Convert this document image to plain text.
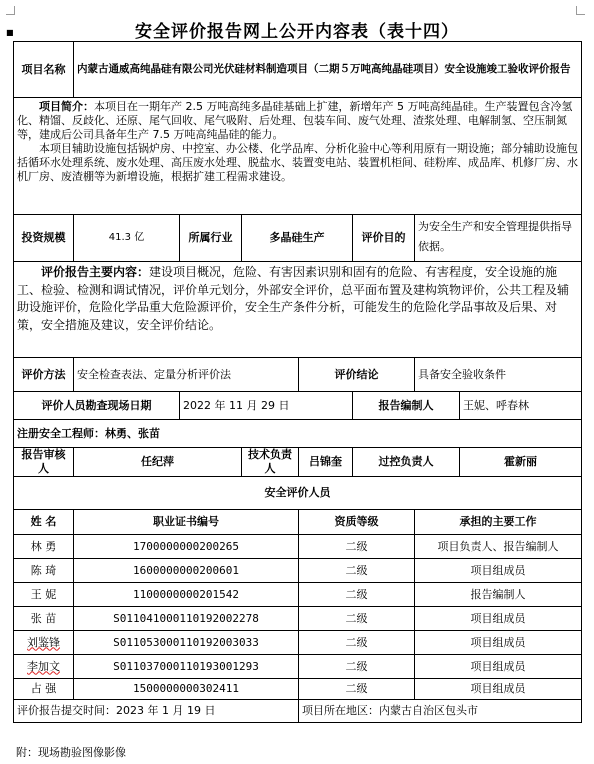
安全评价报告网上公开内容表（表十四）
■
项目名称	内蒙古通威高纯晶硅有限公司光伏硅材料制造项目（二期５万吨高纯晶硅项目）安全设施竣工验收评价报告						

项目简介：本项目在一期年产 2.5 万吨高纯多晶硅基础上扩建，新增年产 5 万吨高纯晶硅。生产装置包含冷氢化、精馏、反歧化、还原、尾气回收、尾气吸附、后处理、包装车间、废气处理、渣浆处理、电解制氢、空压制氮等，建成后公司具备年生产 7.5 万吨高纯晶硅的能力。

本项目辅助设施包括锅炉房、中控室、办公楼、化学品库、分析化验中心等利用原有一期设施；部分辅助设施包括循环水处理系统、废水处理、高压废水处理、脱盐水、装置变电站、装置机柜间、硅粉库、成品库、机修厂房、水机厂房、废渣棚等为新增设施，根据扩建工程需求建设。							

投资规模	41.3 亿	所属行业	多晶硅生产		评价目的	为安全生产和安全管理提供指导依据。	

评价报告主要内容：建设项目概况，危险、有害因素识别和固有的危险、有害程度，安全设施的施工、检验、检测和调试情况，评价单元划分，外部安全评价，总平面布置及建构筑物评价，公共工程及辅助设施评价，危险化学品重大危险源评价，安全生产条件分析，可能发生的危险化学品事故及后果、对策，安全措施及建议，安全评价结论。							

评价方法	安全检查表法、定量分析评价法			评价结论		具备安全验收条件	
评价人员勘查现场日期		2022 年 11 月 29 日			报告编制人		王妮、呼春林
注册安全工程师：林勇、张苗							
报告审核人	任纪萍		技术负责人	吕锦奎	过控负责人		霍新丽
安全评价人员							
姓 名	职业证书编号			资质等级		承担的主要工作	
林 勇	1700000000200265			二级		项目负责人、报告编制人	
陈 琦	1600000000200601			二级		项目组成员	
王 妮	1100000000201542			二级		报告编制人	
张 苗	S011041000110192002278			二级		项目组成员	
刘鉴锋	S011053000110192003033			二级		项目组成员	
李加文	S011037000110193001293			二级		项目组成员	
占 强	1500000000302411			二级		项目组成员	
评价报告提交时间：2023 年 1 月 19 日				项目所在地区：内蒙古自治区包头市			
附：现场勘验图像影像
